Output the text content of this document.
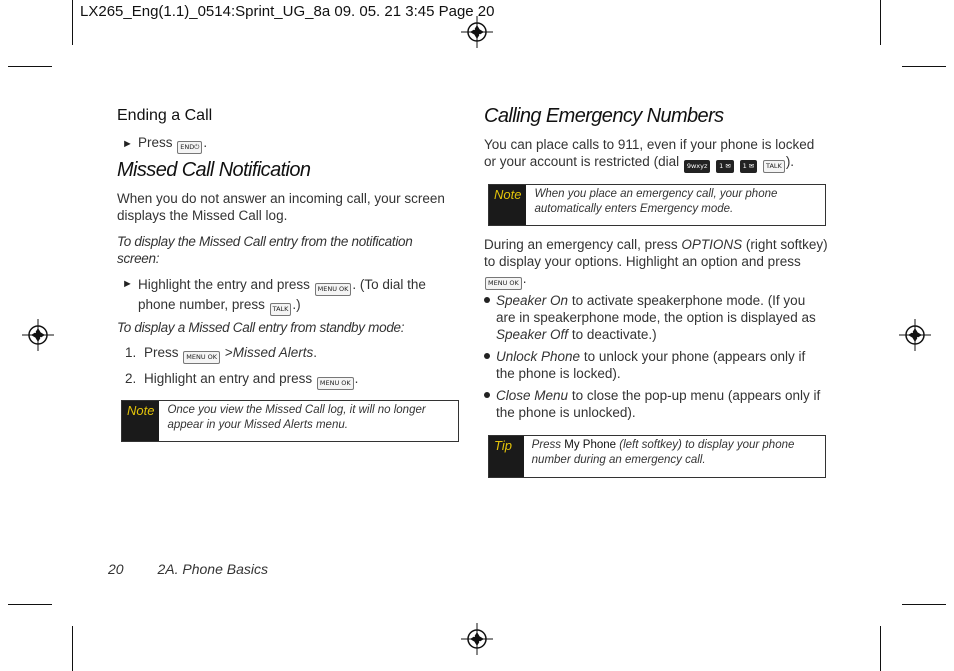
LX265_Eng(1.1)_0514:Sprint_UG_8a 09. 05. 21 3:45 Page 20
Ending a Call
► Press END⏻ .
Missed Call Notification
When you do not answer an incoming call, your screen displays the Missed Call log.
To display the Missed Call entry from the notification screen:
► Highlight the entry and press MENU OK . (To dial the phone number, press TALK .)
To display a Missed Call entry from standby mode:
1. Press MENU OK >Missed Alerts.
2. Highlight an entry and press MENU OK .
Note	Once you view the Missed Call log, it will no longer appear in your Missed Alerts menu.
Calling Emergency Numbers
You can place calls to 911, even if your phone is locked or your account is restricted (dial 9wxyz 1 ✉ 1 ✉ TALK ).
Note	When you place an emergency call, your phone automatically enters Emergency mode.
During an emergency call, press OPTIONS (right softkey) to display your options. Highlight an option and press MENU OK .
Speaker On to activate speakerphone mode. (If you are in speakerphone mode, the option is displayed as Speaker Off to deactivate.)
Unlock Phone to unlock your phone (appears only if the phone is locked).
Close Menu to close the pop-up menu (appears only if the phone is unlocked).
Tip	Press My Phone (left softkey) to display your phone number during an emergency call.
20 2A. Phone Basics
